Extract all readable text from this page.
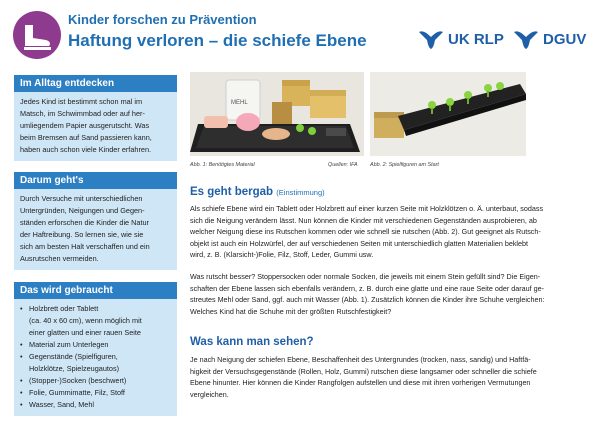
Kinder forschen zu Prävention
Haftung verloren – die schiefe Ebene	UK RLP	DGUV
Im Alltag entdecken
Jedes Kind ist bestimmt schon mal im
Matsch, im Schwimmbad oder auf her-
umliegendem Papier ausgerutscht. Was
beim Bremsen auf Sand passieren kann,
haben auch schon viele Kinder erfahren.
Darum geht's
Durch Versuche mit unterschiedlichen
Untergründen, Neigungen und Gegen-
ständen erforschen die Kinder die Natur
der Haftreibung. So lernen sie, wie sie
sich am besten Halt verschaffen und ein
Ausrutschen vermeiden.
Das wird gebraucht
• Holzbrett oder Tablett
(ca. 40 x 60 cm), wenn möglich mit
einer glatten und einer rauen Seite
• Material zum Unterlegen
• Gegenstände (Spielfiguren,
Holzklötze, Spielzeugautos)
• (Stopper-)Socken (beschwert)
• Folie, Gummimatte, Filz, Stoff
• Wasser, Sand, Mehl
MEHL
Abb. 1: Benötigtes Material	Quellen: IFA Abb. 2: Spielfiguren am Start
Es geht bergab (Einstimmung)
Als schiefe Ebene wird ein Tablett oder Holzbrett auf einer kurzen Seite mit Holzklötzen o. Ä. unterbaut, sodass
sich die Neigung verändern lässt. Nun können die Kinder mit verschiedenen Gegenständen ausprobieren, ab
welcher Neigung diese ins Rutschen kommen oder wie schnell sie rutschen (Abb. 2). Gut geeignet als Rutsch-
objekt ist auch ein Holzwürfel, der auf verschiedenen Seiten mit unterschiedlich glatten Materialien beklebt
wird, z. B. (Klarsicht-)Folie, Filz, Stoff, Leder, Gummi usw.
Was rutscht besser? Stoppersocken oder normale Socken, die jeweils mit einem Stein gefüllt sind? Die Eigen-
schaften der Ebene lassen sich ebenfalls verändern, z. B. durch eine glatte und eine raue Seite oder darauf ge-
streutes Mehl oder Sand, ggf. auch mit Wasser (Abb. 1). Zusätzlich können die Kinder ihre Schuhe vergleichen:
Welches Kind hat die Schuhe mit der größten Rutschfestigkeit?
Was kann man sehen?
Je nach Neigung der schiefen Ebene, Beschaffenheit des Untergrundes (trocken, nass, sandig) und Haftfä-
higkeit der Versuchsgegenstände (Rollen, Holz, Gummi) rutschen diese langsamer oder schneller die schiefe
Ebene hinunter. Hier können die Kinder Rangfolgen aufstellen und diese mit ihren vorherigen Vermutungen
vergleichen.
